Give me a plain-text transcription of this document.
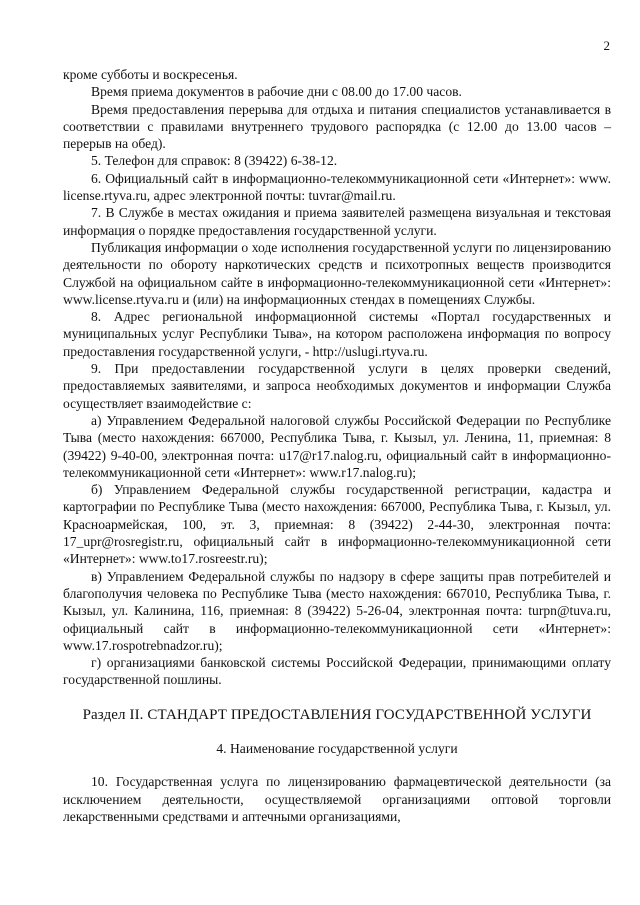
2

кроме субботы и воскресенья.

Время приема документов в рабочие дни с 08.00 до 17.00 часов.

Время предоставления перерыва для отдыха и питания специалистов устанавливается в соответствии с правилами внутреннего трудового распорядка (с 12.00 до 13.00 часов – перерыв на обед).

5. Телефон для справок: 8 (39422) 6-38-12.

6. Официальный сайт в информационно-телекоммуникационной сети «Интернет»: www. license.rtyva.ru, адрес электронной почты: tuvrar@mail.ru.

7. В Службе в местах ожидания и приема заявителей размещена визуальная и текстовая информация о порядке предоставления государственной услуги.

Публикация информации о ходе исполнения государственной услуги по лицензированию деятельности по обороту наркотических средств и психотропных веществ производится Службой на официальном сайте в информационно-телекоммуникационной сети «Интернет»: www.license.rtyva.ru и (или) на информационных стендах в помещениях Службы.

8. Адрес региональной информационной системы «Портал государственных и муниципальных услуг Республики Тыва», на котором расположена информация по вопросу предоставления государственной услуги, - http://uslugi.rtyva.ru.

9. При предоставлении государственной услуги в целях проверки сведений, предоставляемых заявителями, и запроса необходимых документов и информации Служба осуществляет взаимодействие с:

а) Управлением Федеральной налоговой службы Российской Федерации по Республике Тыва (место нахождения: 667000, Республика Тыва, г. Кызыл, ул. Ленина, 11, приемная: 8 (39422) 9-40-00, электронная почта: u17@r17.nalog.ru, официальный сайт в информационно-телекоммуникационной сети «Интернет»: www.r17.nalog.ru);

б) Управлением Федеральной службы государственной регистрации, кадастра и картографии по Республике Тыва (место нахождения: 667000, Республика Тыва, г. Кызыл, ул. Красноармейская, 100, эт. 3, приемная: 8 (39422) 2-44-30, электронная почта: 17_upr@rosregistr.ru, официальный сайт в информационно-телекоммуникационной сети «Интернет»: www.to17.rosreestr.ru);

в) Управлением Федеральной службы по надзору в сфере защиты прав потребителей и благополучия человека по Республике Тыва (место нахождения: 667010, Республика Тыва, г. Кызыл, ул. Калинина, 116, приемная: 8 (39422) 5-26-04, электронная почта: turpn@tuva.ru, официальный сайт в информационно-телекоммуникационной сети «Интернет»: www.17.rospotrebnadzor.ru);

г) организациями банковской системы Российской Федерации, принимающими оплату государственной пошлины.

Раздел II. СТАНДАРТ ПРЕДОСТАВЛЕНИЯ ГОСУДАРСТВЕННОЙ УСЛУГИ

4. Наименование государственной услуги

10. Государственная услуга по лицензированию фармацевтической деятельности (за исключением деятельности, осуществляемой организациями оптовой торговли лекарственными средствами и аптечными организациями,
